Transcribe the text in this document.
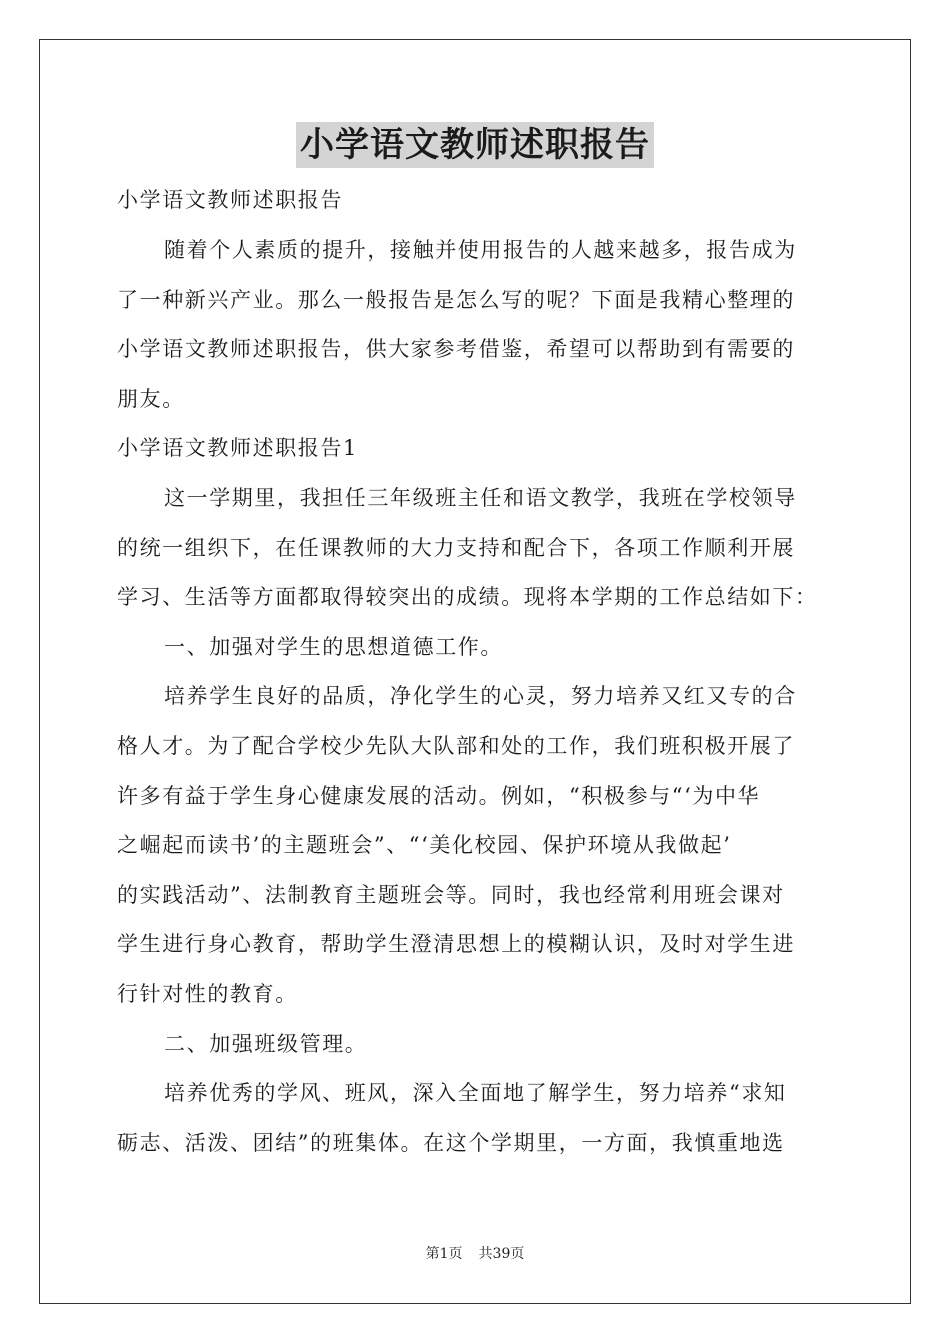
小学语文教师述职报告
小学语文教师述职报告
随着个人素质的提升，接触并使用报告的人越来越多，报告成为
了一种新兴产业。那么一般报告是怎么写的呢？下面是我精心整理的
小学语文教师述职报告，供大家参考借鉴，希望可以帮助到有需要的
朋友。
小学语文教师述职报告1
这一学期里，我担任三年级班主任和语文教学，我班在学校领导
的统一组织下，在任课教师的大力支持和配合下，各项工作顺利开展
学习、生活等方面都取得较突出的成绩。现将本学期的工作总结如下：
一、加强对学生的思想道德工作。
培养学生良好的品质，净化学生的心灵，努力培养又红又专的合
格人才。为了配合学校少先队大队部和处的工作，我们班积极开展了
许多有益于学生身心健康发展的活动。例如，“积极参与“‘为中华
之崛起而读书’的主题班会”、“‘美化校园、保护环境从我做起’
的实践活动”、法制教育主题班会等。同时，我也经常利用班会课对
学生进行身心教育，帮助学生澄清思想上的模糊认识，及时对学生进
行针对性的教育。
二、加强班级管理。
培养优秀的学风、班风，深入全面地了解学生，努力培养“求知
砺志、活泼、团结”的班集体。在这个学期里，一方面，我慎重地选
第1页 共39页
